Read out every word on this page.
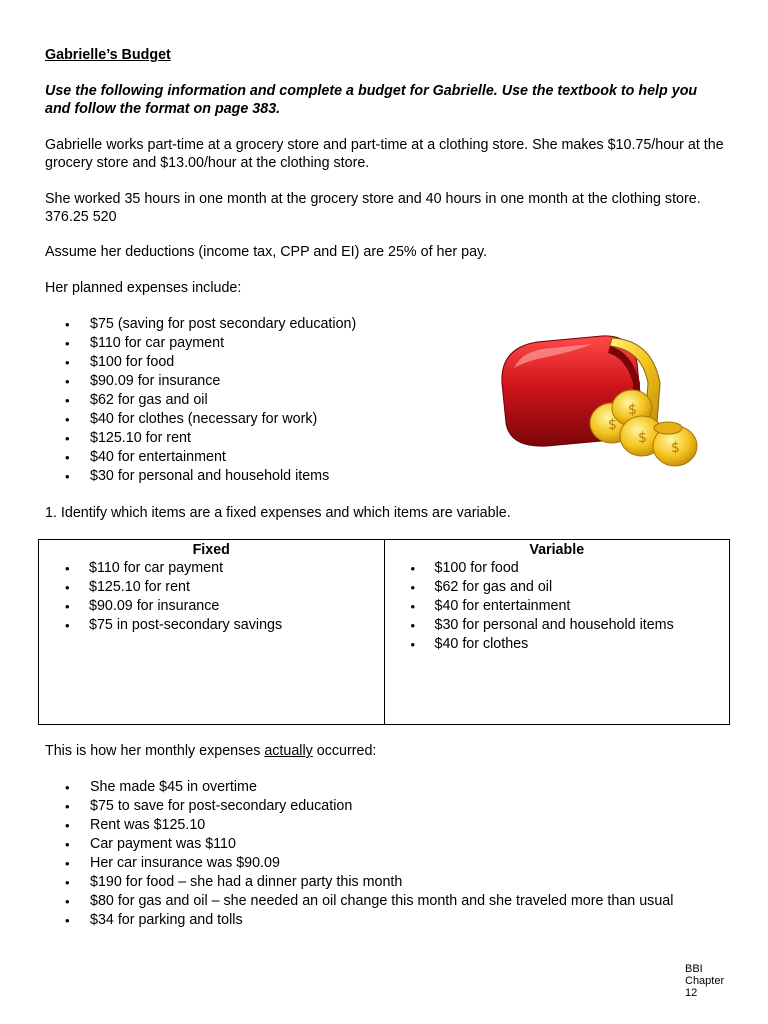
Gabrielle’s Budget
Use the following information and complete a budget for Gabrielle. Use the textbook to help you and follow the format on page 383.
Gabrielle works part-time at a grocery store and part-time at a clothing store. She makes $10.75/hour at the grocery store and $13.00/hour at the clothing store.
She worked 35 hours in one month at the grocery store and 40 hours in one month at the clothing store. 376.25 520
Assume her deductions (income tax, CPP and EI) are 25% of her pay.
Her planned expenses include:
• $75 (saving for post secondary education)
• $110 for car payment
• $100 for food
• $90.09 for insurance
• $62 for gas and oil
• $40 for clothes (necessary for work)
• $125.10 for rent
• $40 for entertainment
• $30 for personal and household items
$
$
$
$
1. Identify which items are a fixed expenses and which items are variable.
Fixed
• $110 for car payment
• $125.10 for rent
• $90.09 for insurance
• $75 in post-secondary savings
Variable
• $100 for food
• $62 for gas and oil
• $40 for entertainment
• $30 for personal and household items
• $40 for clothes
This is how her monthly expenses actually occurred:
• She made $45 in overtime
• $75 to save for post-secondary education
• Rent was $125.10
• Car payment was $110
• Her car insurance was $90.09
• $190 for food – she had a dinner party this month
• $80 for gas and oil – she needed an oil change this month and she traveled more than usual
• $34 for parking and tolls
BBI Chapter 12
